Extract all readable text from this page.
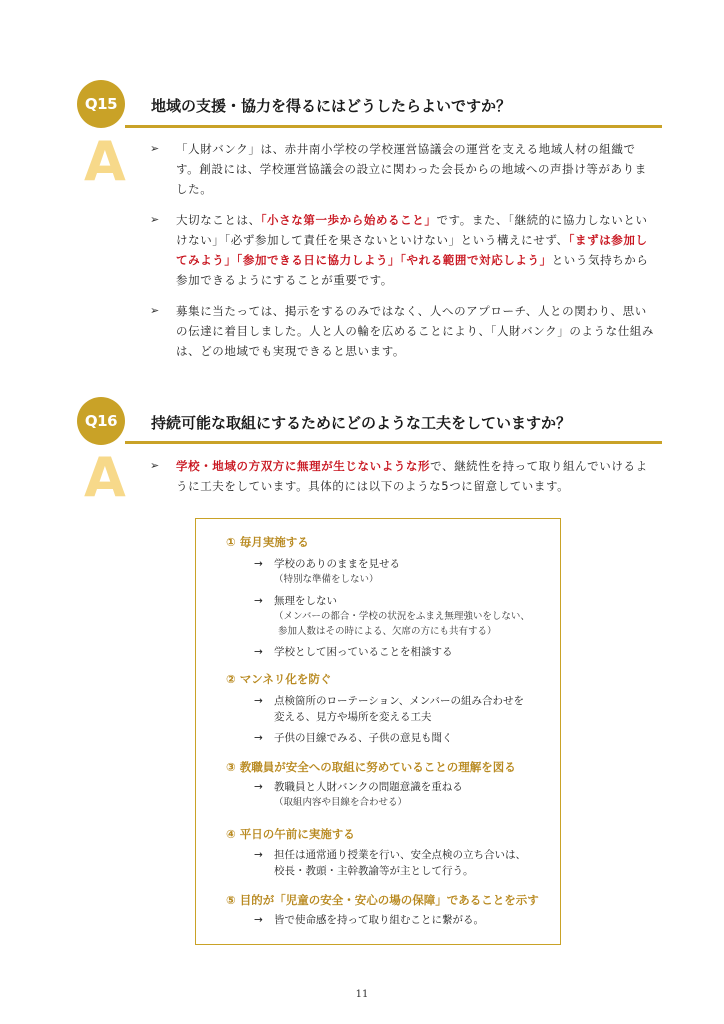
Q15	地域の支援・協力を得るにはどうしたらよいですか？
A ➢ 「人財バンク」は、赤井南小学校の学校運営協議会の運営を支える地域人材の組織です。創設には、学校運営協議会の設立に関わった会長からの地域への声掛け等がありました。
➢ 大切なことは、「小さな第一歩から始めること」です。また、「継続的に協力しないといけない」「必ず参加して責任を果さないといけない」という構えにせず、「まずは参加してみよう」「参加できる日に協力しよう」「やれる範囲で対応しよう」という気持ちから参加できるようにすることが重要です。
➢ 募集に当たっては、掲示をするのみではなく、人へのアプローチ、人との関わり、思いの伝達に着目しました。人と人の輪を広めることにより、「人財バンク」のような仕組みは、どの地域でも実現できると思います。
Q16	持続可能な取組にするためにどのような工夫をしていますか？
A ➢ 学校・地域の方双方に無理が生じないような形で、継続性を持って取り組んでいけるように工夫をしています。具体的には以下のような5つに留意しています。
① 毎月実施する
→ 学校のありのままを見せる
（特別な準備をしない）
→ 無理をしない
（メンバーの都合・学校の状況をふまえ無理強いをしない、
参加人数はその時による、欠席の方にも共有する）
→ 学校として困っていることを相談する
② マンネリ化を防ぐ
→ 点検箇所のローテーション、メンバーの組み合わせを
変える、見方や場所を変える工夫
→ 子供の目線でみる、子供の意見も聞く
③ 教職員が安全への取組に努めていることの理解を図る
→ 教職員と人財バンクの問題意識を重ねる
（取組内容や目線を合わせる）
④ 平日の午前に実施する
→ 担任は通常通り授業を行い、安全点検の立ち合いは、
校長・教頭・主幹教諭等が主として行う。
⑤ 目的が「児童の安全・安心の場の保障」であることを示す
→ 皆で使命感を持って取り組むことに繋がる。
11
